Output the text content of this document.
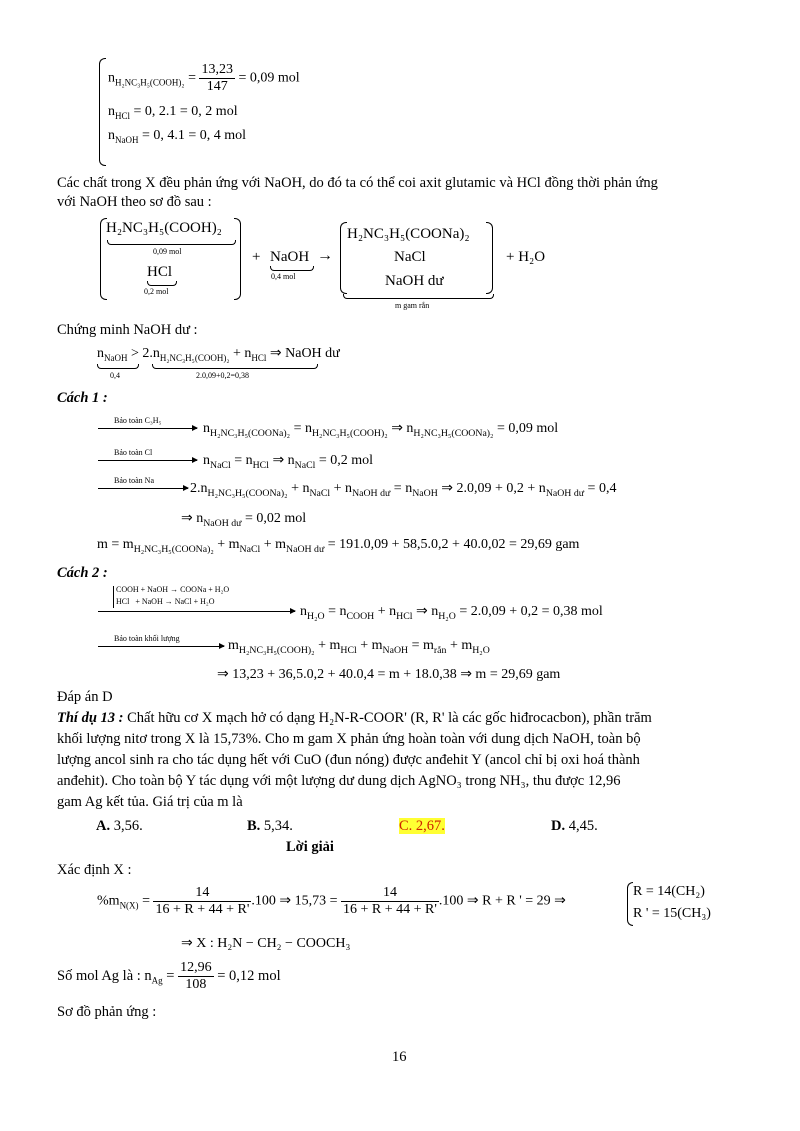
$n_{H_2NC_3H_5(COOH)_2} = \frac{13,23}{147} = 0,09$ mol
$n_{HCl} = 0$, 2.1 = 0, 2 mol
$n_{NaOH} = 0$, 4.1 = 0, 4 mol
Các chất trong X đều phản ứng với NaOH, do đó ta có thể coi axit glutamic và HCl đồng thời phản ứng
với NaOH theo sơ đồ sau :
H₂NC₃H₅(COOH)₂
0,09 mol
HCl
0,2 mol
+ NaOH
0,4 mol
→
H₂NC₃H₅(COONa)₂
NaCl
NaOH dư
m gam rắn
+ H₂O
Chứng minh NaOH dư :
$n_{NaOH} > 2.n_{H_2NC_3H_5(COOH)_2} + n_{HCl}$ ⇒ NaOH dư
0,4	2.0,09+0,2=0,38
Cách 1 :
Bảo toàn C₃H₅
$n_{H_2NC_3H_5(COONa)_2} = n_{H_2NC_3H_5(COOH)_2}$ ⇒ $n_{H_2NC_3H_5(COONa)_2} = 0,09$ mol
Bảo toàn Cl
$n_{NaCl} = n_{HCl}$ ⇒ $n_{NaCl} = 0,2$ mol
Bảo toàn Na
$2.n_{H_2NC_3H_5(COONa)_2} + n_{NaCl} + n_{NaOH dư} = n_{NaOH}$ ⇒ $2.0,09 + 0,2 + n_{NaOH dư} = 0,4$
⇒ $n_{NaOH dư} = 0,02$ mol
$m = m_{H_2NC_3H_5(COONa)_2} + m_{NaCl} + m_{NaOH dư} = 191.0,09 + 58,5.0,2 + 40.0,02 = 29,69$ gam
Cách 2 :
COOH + NaOH → COONa + H₂O
HCl   + NaOH → NaCl + H₂O
$n_{H_2O} = n_{COOH} + n_{HCl}$ ⇒ $n_{H_2O} = 2.0,09 + 0,2 = 0,38$ mol
Bảo toàn khối lượng	$m_{H_2NC_3H_5(COOH)_2} + m_{HCl} + m_{NaOH} = m_{rắn} + m_{H_2O}$
⇒ 13,23 + 36,5.0,2 + 40.0,4 = m + 18.0,38 ⇒ m = 29,69 gam
Đáp án D
Thí dụ 13 : Chất hữu cơ X mạch hở có dạng H₂N-R-COOR' (R, R' là các gốc hiđrocacbon), phần trăm
khối lượng nitơ trong X là 15,73%. Cho m gam X phản ứng hoàn toàn với dung dịch NaOH, toàn bộ
lượng ancol sinh ra cho tác dụng hết với CuO (đun nóng) được anđehit Y (ancol chỉ bị oxi hoá thành
anđehit). Cho toàn bộ Y tác dụng với một lượng dư dung dịch AgNO₃ trong NH₃, thu được 12,96
gam Ag kết tủa. Giá trị của m là
A. 3,56.	B. 5,34.	C. 2,67.	D. 4,45.
Lời giải
Xác định X :
$\%m_{N(X)} = \frac{14}{16 + R + 44 + R'} .100$ ⇒ $15,73 = \frac{14}{16 + R + 44 + R'} .100$ ⇒ R + R ' = 29 ⇒
R = 14(CH₂)
R ' = 15(CH₃)
⇒ X : H₂N − CH₂ − COOCH₃
Số mol Ag là : $n_{Ag} = \frac{12,96}{108} = 0,12$ mol
Sơ đồ phản ứng :
16
